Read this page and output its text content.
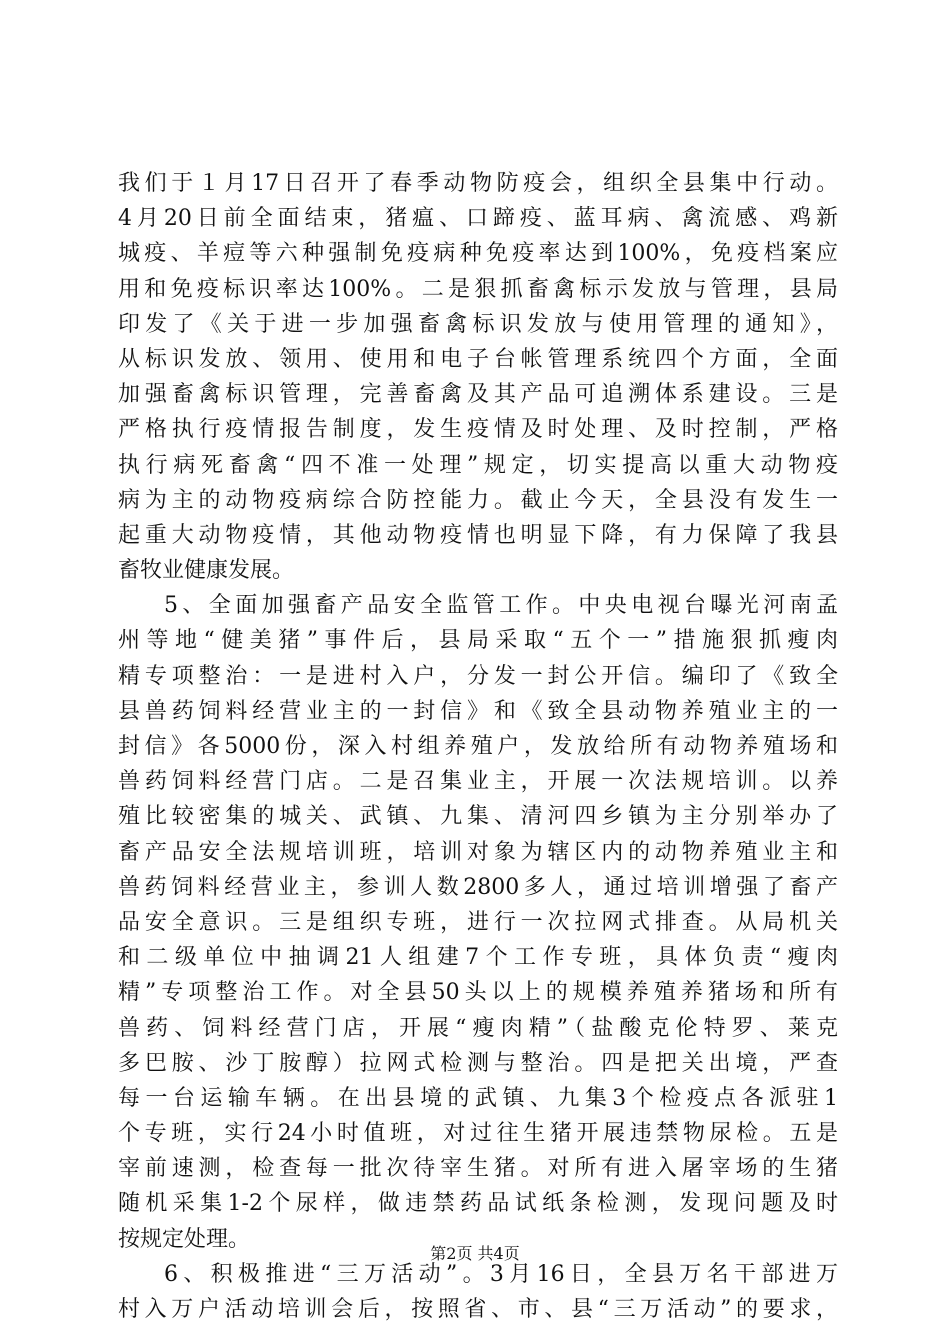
我们于１月17日召开了春季动物防疫会，组织全县集中行动。
4月20日前全面结束，猪瘟、口蹄疫、蓝耳病、禽流感、鸡新
城疫、羊痘等六种强制免疫病种免疫率达到100%，免疫档案应
用和免疫标识率达100%。二是狠抓畜禽标示发放与管理，县局
印发了《关于进一步加强畜禽标识发放与使用管理的通知》，
从标识发放、领用、使用和电子台帐管理系统四个方面，全面
加强畜禽标识管理，完善畜禽及其产品可追溯体系建设。三是
严格执行疫情报告制度，发生疫情及时处理、及时控制，严格
执行病死畜禽“四不准一处理”规定，切实提高以重大动物疫
病为主的动物疫病综合防控能力。截止今天，全县没有发生一
起重大动物疫情，其他动物疫情也明显下降，有力保障了我县
畜牧业健康发展。
5、全面加强畜产品安全监管工作。中央电视台曝光河南孟
州等地“健美猪”事件后，县局采取“五个一”措施狠抓瘦肉
精专项整治：一是进村入户，分发一封公开信。编印了《致全
县兽药饲料经营业主的一封信》和《致全县动物养殖业主的一
封信》各5000份，深入村组养殖户，发放给所有动物养殖场和
兽药饲料经营门店。二是召集业主，开展一次法规培训。以养
殖比较密集的城关、武镇、九集、清河四乡镇为主分别举办了
畜产品安全法规培训班，培训对象为辖区内的动物养殖业主和
兽药饲料经营业主，参训人数2800多人，通过培训增强了畜产
品安全意识。三是组织专班，进行一次拉网式排查。从局机关
和二级单位中抽调21人组建7个工作专班，具体负责“瘦肉
精”专项整治工作。对全县50头以上的规模养殖养猪场和所有
兽药、饲料经营门店，开展“瘦肉精”（盐酸克伦特罗、莱克
多巴胺、沙丁胺醇）拉网式检测与整治。四是把关出境，严查
每一台运输车辆。在出县境的武镇、九集3个检疫点各派驻1
个专班，实行24小时值班，对过往生猪开展违禁物尿检。五是
宰前速测，检查每一批次待宰生猪。对所有进入屠宰场的生猪
随机采集1-2个尿样，做违禁药品试纸条检测，发现问题及时
按规定处理。
6、积极推进“三万活动”。3月16日，全县万名干部进万
村入万户活动培训会后，按照省、市、县“三万活动”的要求，
第2页 共4页
